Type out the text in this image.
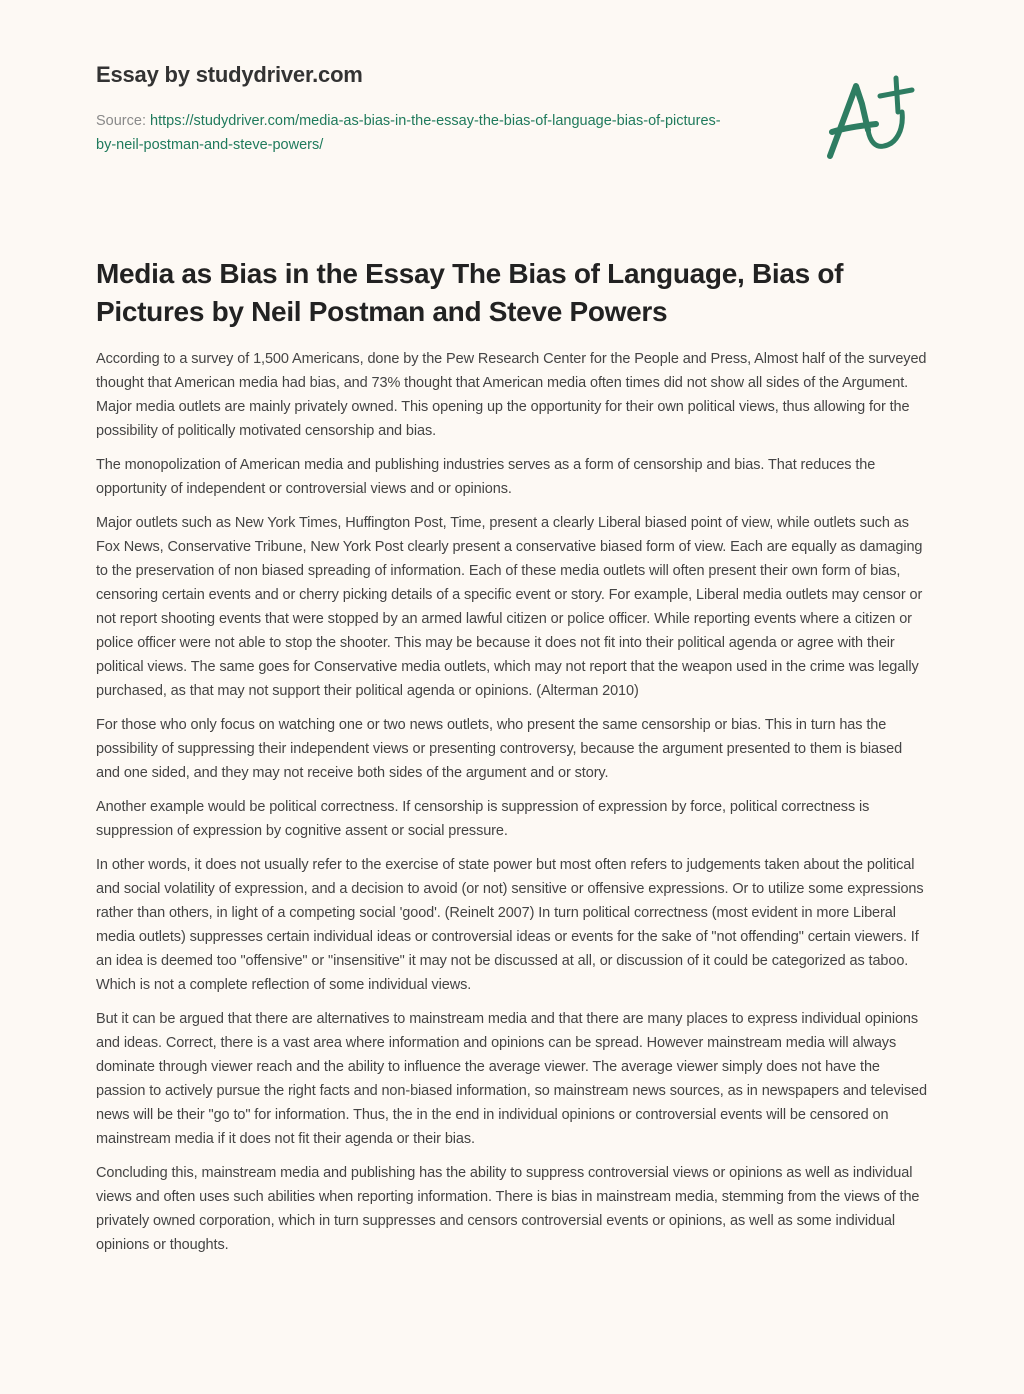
Essay by studydriver.com
Source: https://studydriver.com/media-as-bias-in-the-essay-the-bias-of-language-bias-of-pictures-by-neil-postman-and-steve-powers/
Media as Bias in the Essay The Bias of Language, Bias of Pictures by Neil Postman and Steve Powers

According to a survey of 1,500 Americans, done by the Pew Research Center for the People and Press, Almost half of the surveyed thought that American media had bias, and 73% thought that American media often times did not show all sides of the Argument. Major media outlets are mainly privately owned. This opening up the opportunity for their own political views, thus allowing for the possibility of politically motivated censorship and bias.

The monopolization of American media and publishing industries serves as a form of censorship and bias. That reduces the opportunity of independent or controversial views and or opinions.

Major outlets such as New York Times, Huffington Post, Time, present a clearly Liberal biased point of view, while outlets such as Fox News, Conservative Tribune, New York Post clearly present a conservative biased form of view. Each are equally as damaging to the preservation of non biased spreading of information. Each of these media outlets will often present their own form of bias, censoring certain events and or cherry picking details of a specific event or story. For example, Liberal media outlets may censor or not report shooting events that were stopped by an armed lawful citizen or police officer. While reporting events where a citizen or police officer were not able to stop the shooter. This may be because it does not fit into their political agenda or agree with their political views. The same goes for Conservative media outlets, which may not report that the weapon used in the crime was legally purchased, as that may not support their political agenda or opinions. (Alterman 2010)

For those who only focus on watching one or two news outlets, who present the same censorship or bias. This in turn has the possibility of suppressing their independent views or presenting controversy, because the argument presented to them is biased and one sided, and they may not receive both sides of the argument and or story.

Another example would be political correctness. If censorship is suppression of expression by force, political correctness is suppression of expression by cognitive assent or social pressure.

In other words, it does not usually refer to the exercise of state power but most often refers to judgements taken about the political and social volatility of expression, and a decision to avoid (or not) sensitive or offensive expressions. Or to utilize some expressions rather than others, in light of a competing social 'good'. (Reinelt 2007) In turn political correctness (most evident in more Liberal media outlets) suppresses certain individual ideas or controversial ideas or events for the sake of "not offending" certain viewers. If an idea is deemed too "offensive" or "insensitive" it may not be discussed at all, or discussion of it could be categorized as taboo. Which is not a complete reflection of some individual views.

But it can be argued that there are alternatives to mainstream media and that there are many places to express individual opinions and ideas. Correct, there is a vast area where information and opinions can be spread. However mainstream media will always dominate through viewer reach and the ability to influence the average viewer. The average viewer simply does not have the passion to actively pursue the right facts and non-biased information, so mainstream news sources, as in newspapers and televised news will be their "go to" for information. Thus, the in the end in individual opinions or controversial events will be censored on mainstream media if it does not fit their agenda or their bias.

Concluding this, mainstream media and publishing has the ability to suppress controversial views or opinions as well as individual views and often uses such abilities when reporting information. There is bias in mainstream media, stemming from the views of the privately owned corporation, which in turn suppresses and censors controversial events or opinions, as well as some individual opinions or thoughts.
